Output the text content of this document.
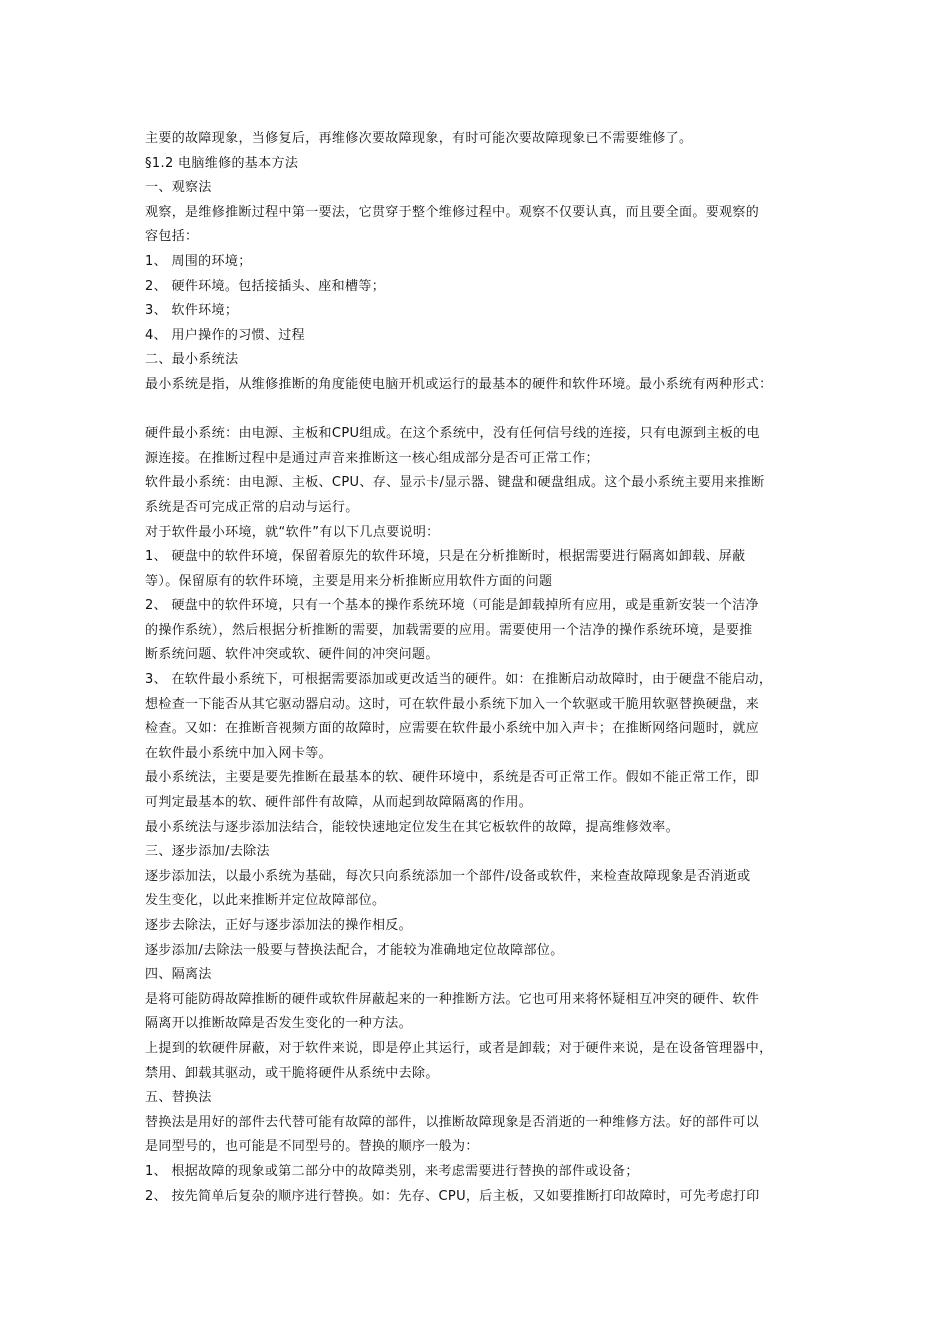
主要的故障现象，当修复后，再维修次要故障现象，有时可能次要故障现象已不需要维修了。
§1.2 电脑维修的基本方法
一、观察法
观察，是维修推断过程中第一要法，它贯穿于整个维修过程中。观察不仅要认真，而且要全面。要观察的
容包括：
1、 周围的环境；
2、 硬件环境。包括接插头、座和槽等；
3、 软件环境；
4、 用户操作的习惯、过程
二、最小系统法
最小系统是指，从维修推断的角度能使电脑开机或运行的最基本的硬件和软件环境。最小系统有两种形式：
硬件最小系统：由电源、主板和CPU组成。在这个系统中，没有任何信号线的连接，只有电源到主板的电
源连接。在推断过程中是通过声音来推断这一核心组成部分是否可正常工作；
软件最小系统：由电源、主板、CPU、存、显示卡/显示器、键盘和硬盘组成。这个最小系统主要用来推断
系统是否可完成正常的启动与运行。
对于软件最小环境，就“软件”有以下几点要说明：
1、 硬盘中的软件环境，保留着原先的软件环境，只是在分析推断时，根据需要进行隔离如卸载、屏蔽
等）。保留原有的软件环境，主要是用来分析推断应用软件方面的问题
2、 硬盘中的软件环境，只有一个基本的操作系统环境（可能是卸载掉所有应用，或是重新安装一个洁净
的操作系统），然后根据分析推断的需要，加载需要的应用。需要使用一个洁净的操作系统环境，是要推
断系统问题、软件冲突或软、硬件间的冲突问题。
3、 在软件最小系统下，可根据需要添加或更改适当的硬件。如：在推断启动故障时，由于硬盘不能启动，
想检查一下能否从其它驱动器启动。这时，可在软件最小系统下加入一个软驱或干脆用软驱替换硬盘，来
检查。又如：在推断音视频方面的故障时，应需要在软件最小系统中加入声卡；在推断网络问题时，就应
在软件最小系统中加入网卡等。
最小系统法，主要是要先推断在最基本的软、硬件环境中，系统是否可正常工作。假如不能正常工作，即
可判定最基本的软、硬件部件有故障，从而起到故障隔离的作用。
最小系统法与逐步添加法结合，能较快速地定位发生在其它板软件的故障，提高维修效率。
三、逐步添加/去除法
逐步添加法，以最小系统为基础，每次只向系统添加一个部件/设备或软件，来检查故障现象是否消逝或
发生变化，以此来推断并定位故障部位。
逐步去除法，正好与逐步添加法的操作相反。
逐步添加/去除法一般要与替换法配合，才能较为准确地定位故障部位。
四、隔离法
是将可能防碍故障推断的硬件或软件屏蔽起来的一种推断方法。它也可用来将怀疑相互冲突的硬件、软件
隔离开以推断故障是否发生变化的一种方法。
上提到的软硬件屏蔽，对于软件来说，即是停止其运行，或者是卸载；对于硬件来说，是在设备管理器中，
禁用、卸载其驱动，或干脆将硬件从系统中去除。
五、替换法
替换法是用好的部件去代替可能有故障的部件，以推断故障现象是否消逝的一种维修方法。好的部件可以
是同型号的，也可能是不同型号的。替换的顺序一般为：
1、 根据故障的现象或第二部分中的故障类别，来考虑需要进行替换的部件或设备；
2、 按先简单后复杂的顺序进行替换。如：先存、CPU，后主板，又如要推断打印故障时，可先考虑打印
